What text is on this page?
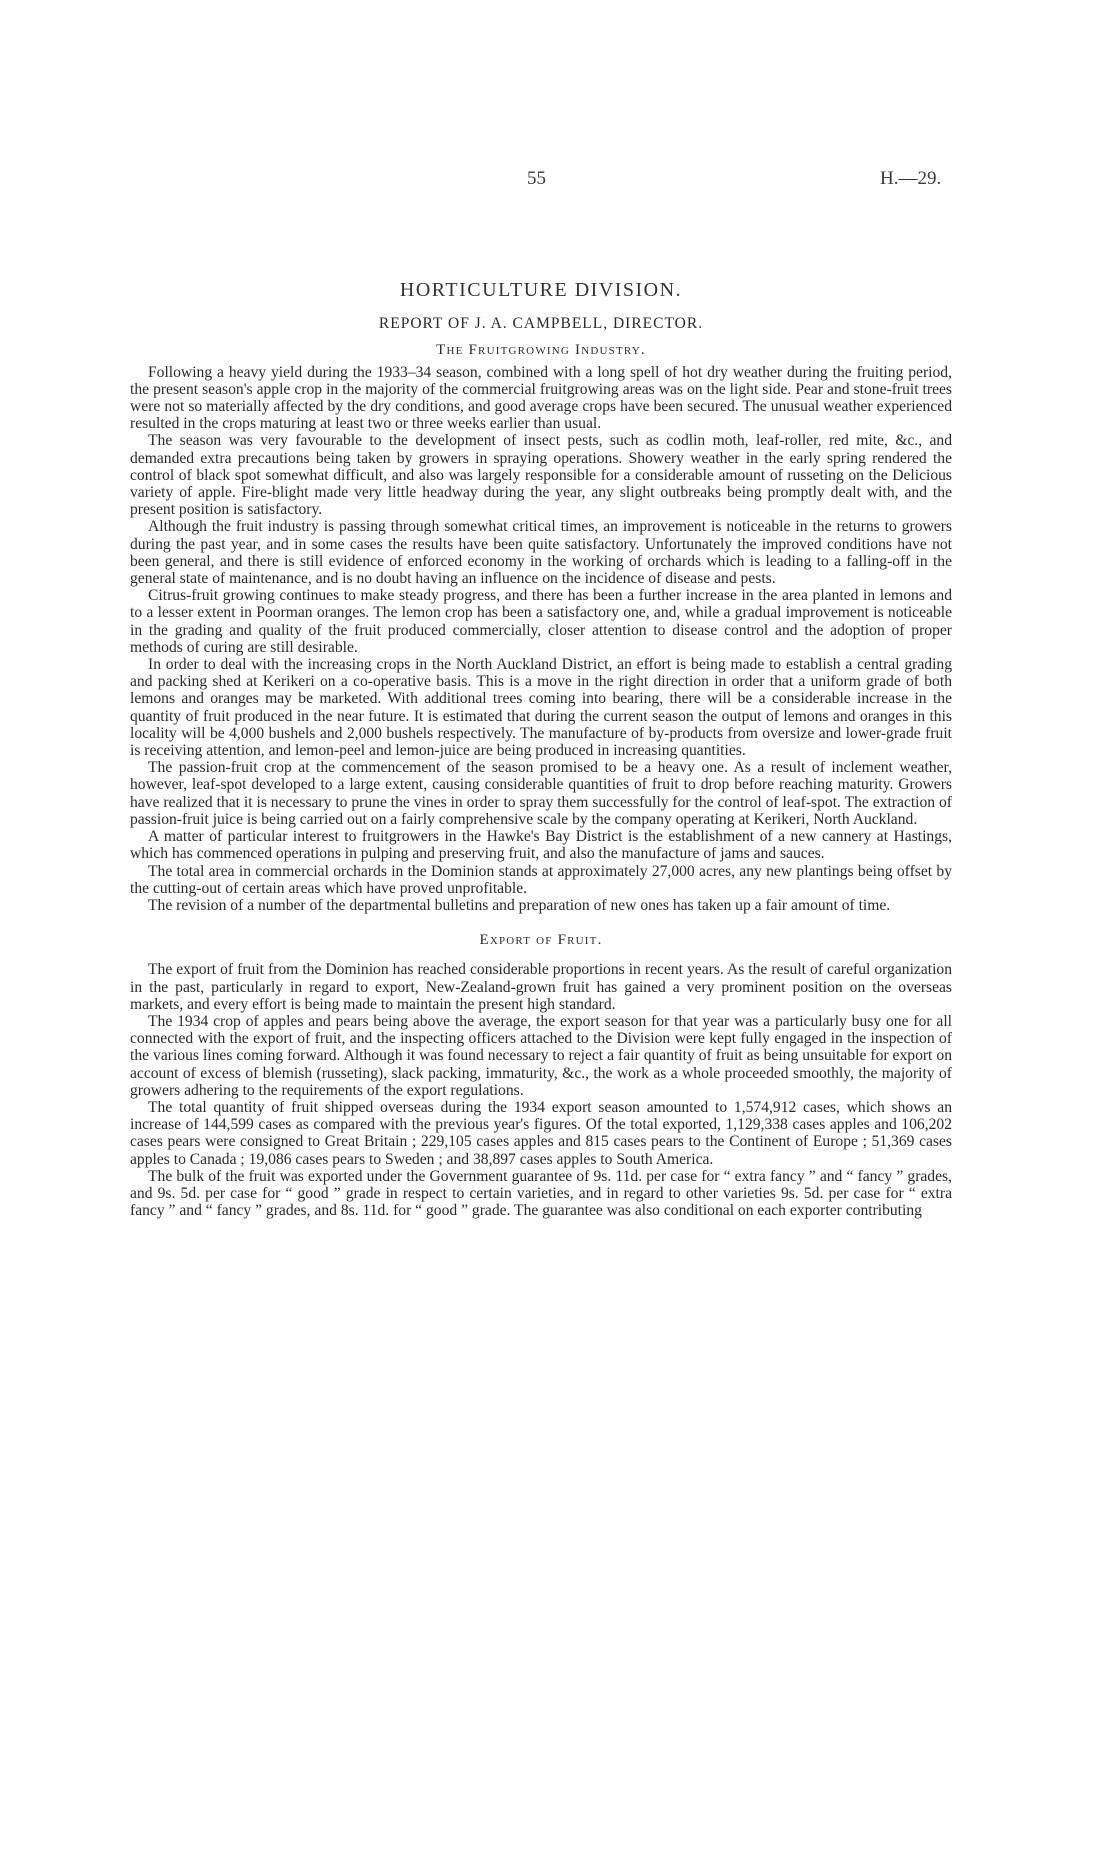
55	H.—29.
HORTICULTURE DIVISION.
REPORT OF J. A. CAMPBELL, DIRECTOR.
The Fruitgrowing Industry.

Following a heavy yield during the 1933–34 season, combined with a long spell of hot dry weather during the fruiting period, the present season's apple crop in the majority of the commercial fruitgrowing areas was on the light side. Pear and stone-fruit trees were not so materially affected by the dry conditions, and good average crops have been secured. The unusual weather experienced resulted in the crops maturing at least two or three weeks earlier than usual.

The season was very favourable to the development of insect pests, such as codlin moth, leaf-roller, red mite, &c., and demanded extra precautions being taken by growers in spraying operations. Showery weather in the early spring rendered the control of black spot somewhat difficult, and also was largely responsible for a considerable amount of russeting on the Delicious variety of apple. Fire-blight made very little headway during the year, any slight outbreaks being promptly dealt with, and the present position is satisfactory.

Although the fruit industry is passing through somewhat critical times, an improvement is noticeable in the returns to growers during the past year, and in some cases the results have been quite satisfactory. Unfortunately the improved conditions have not been general, and there is still evidence of enforced economy in the working of orchards which is leading to a falling-off in the general state of maintenance, and is no doubt having an influence on the incidence of disease and pests.

Citrus-fruit growing continues to make steady progress, and there has been a further increase in the area planted in lemons and to a lesser extent in Poorman oranges. The lemon crop has been a satisfactory one, and, while a gradual improvement is noticeable in the grading and quality of the fruit produced commercially, closer attention to disease control and the adoption of proper methods of curing are still desirable.

In order to deal with the increasing crops in the North Auckland District, an effort is being made to establish a central grading and packing shed at Kerikeri on a co-operative basis. This is a move in the right direction in order that a uniform grade of both lemons and oranges may be marketed. With additional trees coming into bearing, there will be a considerable increase in the quantity of fruit produced in the near future. It is estimated that during the current season the output of lemons and oranges in this locality will be 4,000 bushels and 2,000 bushels respectively. The manufacture of by-products from oversize and lower-grade fruit is receiving attention, and lemon-peel and lemon-juice are being produced in increasing quantities.

The passion-fruit crop at the commencement of the season promised to be a heavy one. As a result of inclement weather, however, leaf-spot developed to a large extent, causing considerable quantities of fruit to drop before reaching maturity. Growers have realized that it is necessary to prune the vines in order to spray them successfully for the control of leaf-spot. The extraction of passion-fruit juice is being carried out on a fairly comprehensive scale by the company operating at Kerikeri, North Auckland.

A matter of particular interest to fruitgrowers in the Hawke's Bay District is the establishment of a new cannery at Hastings, which has commenced operations in pulping and preserving fruit, and also the manufacture of jams and sauces.

The total area in commercial orchards in the Dominion stands at approximately 27,000 acres, any new plantings being offset by the cutting-out of certain areas which have proved unprofitable.

The revision of a number of the departmental bulletins and preparation of new ones has taken up a fair amount of time.

Export of Fruit.

The export of fruit from the Dominion has reached considerable proportions in recent years. As the result of careful organization in the past, particularly in regard to export, New-Zealand-grown fruit has gained a very prominent position on the overseas markets, and every effort is being made to maintain the present high standard.

The 1934 crop of apples and pears being above the average, the export season for that year was a particularly busy one for all connected with the export of fruit, and the inspecting officers attached to the Division were kept fully engaged in the inspection of the various lines coming forward. Although it was found necessary to reject a fair quantity of fruit as being unsuitable for export on account of excess of blemish (russeting), slack packing, immaturity, &c., the work as a whole proceeded smoothly, the majority of growers adhering to the requirements of the export regulations.

The total quantity of fruit shipped overseas during the 1934 export season amounted to 1,574,912 cases, which shows an increase of 144,599 cases as compared with the previous year's figures. Of the total exported, 1,129,338 cases apples and 106,202 cases pears were consigned to Great Britain ; 229,105 cases apples and 815 cases pears to the Continent of Europe ; 51,369 cases apples to Canada ; 19,086 cases pears to Sweden ; and 38,897 cases apples to South America.

The bulk of the fruit was exported under the Government guarantee of 9s. 11d. per case for “ extra fancy ” and “ fancy ” grades, and 9s. 5d. per case for “ good ” grade in respect to certain varieties, and in regard to other varieties 9s. 5d. per case for “ extra fancy ” and “ fancy ” grades, and 8s. 11d. for “ good ” grade. The guarantee was also conditional on each exporter contributing
